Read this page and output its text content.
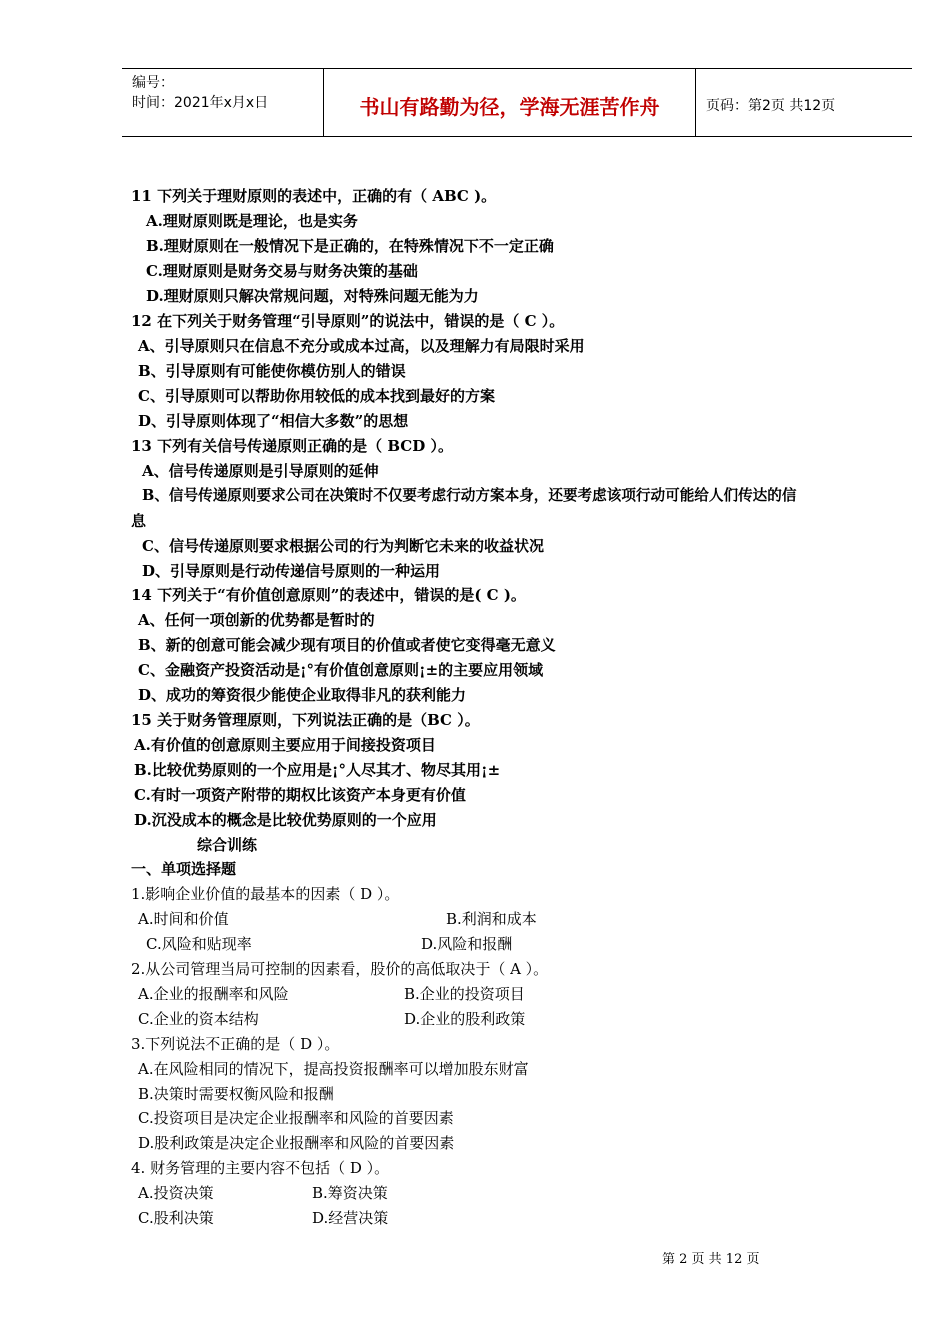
编号：
时间：2021年x月x日	书山有路勤为径，学海无涯苦作舟	页码：第2页 共12页
11 下列关于理财原则的表述中，正确的有（ ABC )。
A.理财原则既是理论，也是实务
B.理财原则在一般情况下是正确的，在特殊情况下不一定正确
C.理财原则是财务交易与财务决策的基础
D.理财原则只解决常规问题，对特殊问题无能为力
12 在下列关于财务管理“引导原则”的说法中，错误的是（ C ）。
A、引导原则只在信息不充分或成本过高，以及理解力有局限时采用
B、引导原则有可能使你模仿别人的错误
C、引导原则可以帮助你用较低的成本找到最好的方案
D、引导原则体现了“相信大多数”的思想
13 下列有关信号传递原则正确的是（ BCD ）。
A、信号传递原则是引导原则的延伸
B、信号传递原则要求公司在决策时不仅要考虑行动方案本身，还要考虑该项行动可能给人们传达的信
息
C、信号传递原则要求根据公司的行为判断它未来的收益状况
D、引导原则是行动传递信号原则的一种运用
14 下列关于“有价值创意原则”的表述中，错误的是( C )。
A、任何一项创新的优势都是暂时的
B、新的创意可能会减少现有项目的价值或者使它变得毫无意义
C、金融资产投资活动是¡°有价值创意原则¡±的主要应用领域
D、成功的筹资很少能使企业取得非凡的获利能力
15 关于财务管理原则，下列说法正确的是（BC ）。
A.有价值的创意原则主要应用于间接投资项目
B.比较优势原则的一个应用是¡°人尽其才、物尽其用¡±
C.有时一项资产附带的期权比该资产本身更有价值
D.沉没成本的概念是比较优势原则的一个应用
综合训练
一、单项选择题
1.影响企业价值的最基本的因素（ D ）。
A.时间和价值	B.利润和成本
C.风险和贴现率	D.风险和报酬
2.从公司管理当局可控制的因素看，股价的高低取决于（ A ）。
A.企业的报酬率和风险	B.企业的投资项目
C.企业的资本结构	D.企业的股利政策
3.下列说法不正确的是（ D ）。
A.在风险相同的情况下，提高投资报酬率可以增加股东财富
B.决策时需要权衡风险和报酬
C.投资项目是决定企业报酬率和风险的首要因素
D.股利政策是决定企业报酬率和风险的首要因素
4. 财务管理的主要内容不包括（ D ）。
A.投资决策	B.筹资决策
C.股利决策	D.经营决策
第 2 页 共 12 页
